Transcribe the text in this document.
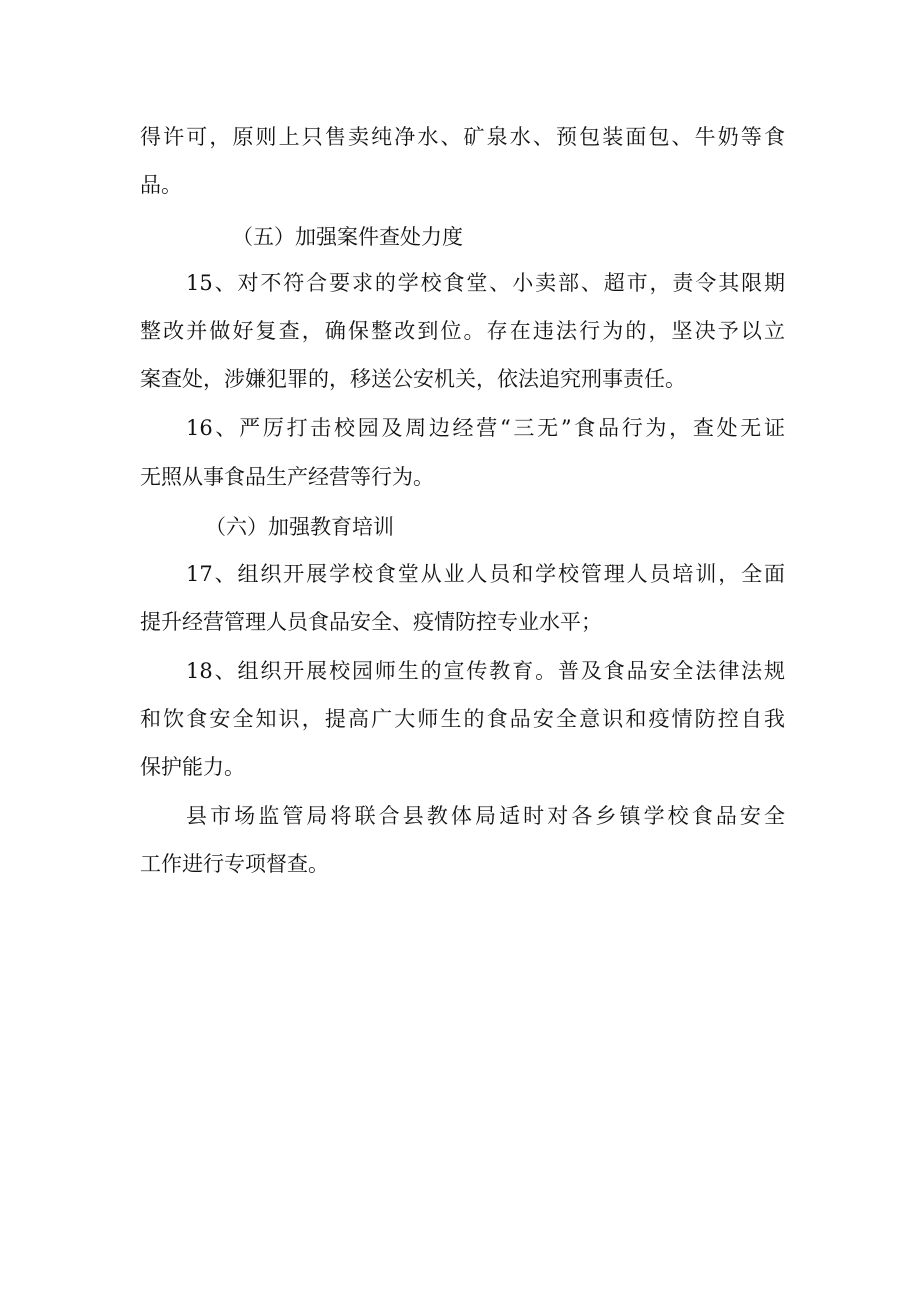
得许可，原则上只售卖纯净水、矿泉水、预包装面包、牛奶等食
品。
（五）加强案件查处力度
15、对不符合要求的学校食堂、小卖部、超市，责令其限期
整改并做好复查，确保整改到位。存在违法行为的，坚决予以立
案查处，涉嫌犯罪的，移送公安机关，依法追究刑事责任。
16、严厉打击校园及周边经营“三无”食品行为，查处无证
无照从事食品生产经营等行为。
（六）加强教育培训
17、组织开展学校食堂从业人员和学校管理人员培训，全面
提升经营管理人员食品安全、疫情防控专业水平；
18、组织开展校园师生的宣传教育。普及食品安全法律法规
和饮食安全知识，提高广大师生的食品安全意识和疫情防控自我
保护能力。
县市场监管局将联合县教体局适时对各乡镇学校食品安全
工作进行专项督查。
